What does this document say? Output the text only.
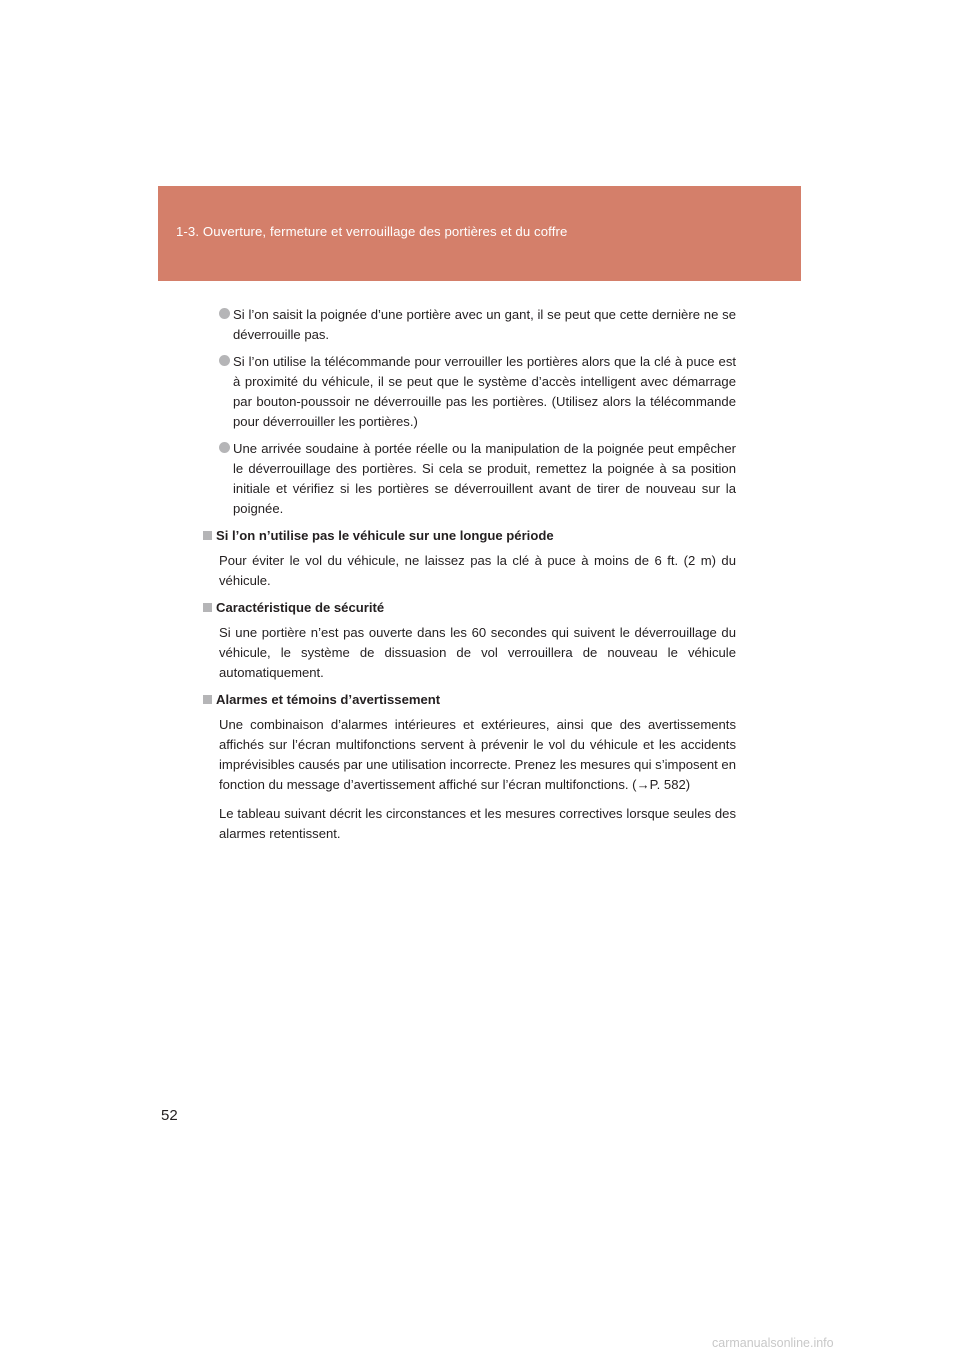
1-3. Ouverture, fermeture et verrouillage des portières et du coffre
Si l’on saisit la poignée d’une portière avec un gant, il se peut que cette dernière ne se déverrouille pas.
Si l’on utilise la télécommande pour verrouiller les portières alors que la clé à puce est à proximité du véhicule, il se peut que le système d’accès intelligent avec démarrage par bouton-poussoir ne déverrouille pas les portières. (Utilisez alors la télécommande pour déverrouiller les portières.)
Une arrivée soudaine à portée réelle ou la manipulation de la poignée peut empêcher le déverrouillage des portières. Si cela se produit, remettez la poignée à sa position initiale et vérifiez si les portières se déverrouillent avant de tirer de nouveau sur la poignée.
Si l’on n’utilise pas le véhicule sur une longue période
Pour éviter le vol du véhicule, ne laissez pas la clé à puce à moins de 6 ft. (2 m) du véhicule.
Caractéristique de sécurité
Si une portière n’est pas ouverte dans les 60 secondes qui suivent le déverrouillage du véhicule, le système de dissuasion de vol verrouillera de nouveau le véhicule automatiquement.
Alarmes et témoins d’avertissement
Une combinaison d’alarmes intérieures et extérieures, ainsi que des avertissements affichés sur l’écran multifonctions servent à prévenir le vol du véhicule et les accidents imprévisibles causés par une utilisation incorrecte. Prenez les mesures qui s’imposent en fonction du message d’avertissement affiché sur l’écran multifonctions. (→P. 582)
Le tableau suivant décrit les circonstances et les mesures correctives lorsque seules des alarmes retentissent.
52
carmanualsonline.info
